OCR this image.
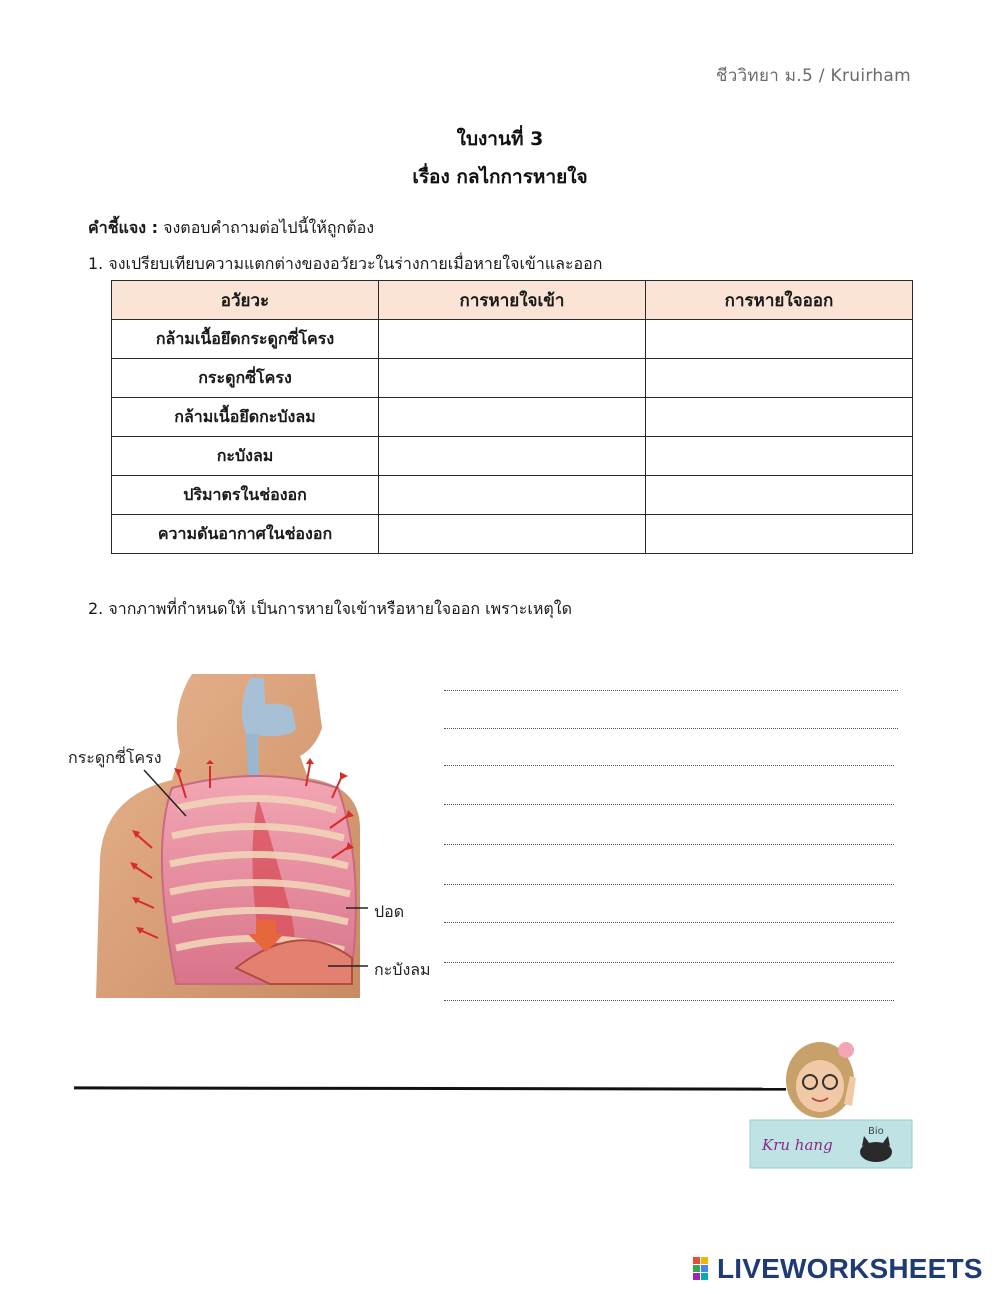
ชีววิทยา ม.5 / Kruirham
ใบงานที่ 3
เรื่อง กลไกการหายใจ
คำชี้แจง : จงตอบคำถามต่อไปนี้ให้ถูกต้อง
1. จงเปรียบเทียบความแตกต่างของอวัยวะในร่างกายเมื่อหายใจเข้าและออก
อวัยวะ	การหายใจเข้า	การหายใจออก
กล้ามเนื้อยึดกระดูกซี่โครง		
กระดูกซี่โครง		
กล้ามเนื้อยึดกะบังลม		
กะบังลม		
ปริมาตรในช่องอก		
ความดันอากาศในช่องอก		
2. จากภาพที่กำหนดให้ เป็นการหายใจเข้าหรือหายใจออก เพราะเหตุใด
กระดูกซี่โครง
ปอด
กะบังลม
Kru hang
Bio
LIVEWORKSHEETS
